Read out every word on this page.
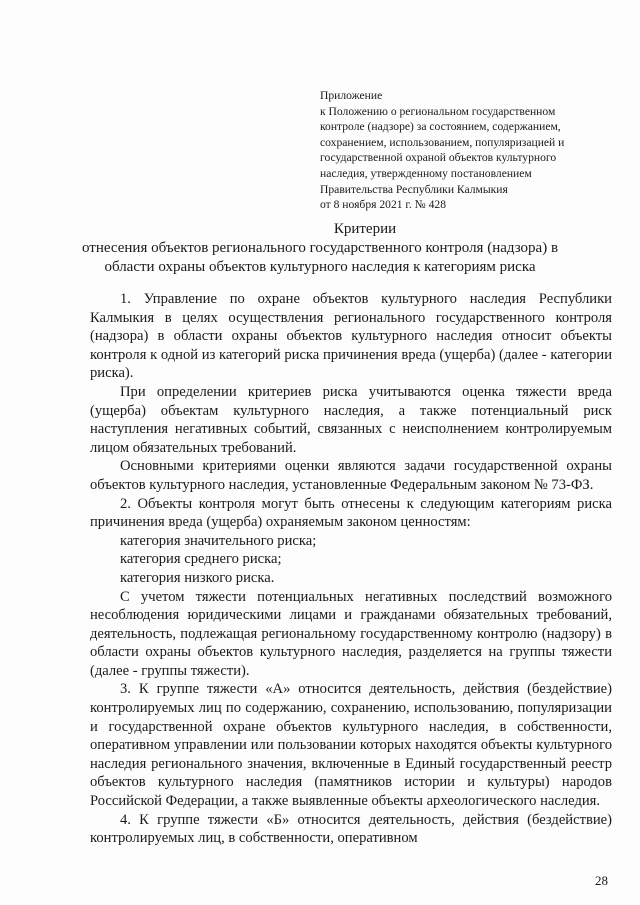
Приложение
к Положению о региональном государственном
контроле (надзоре) за состоянием, содержанием,
сохранением, использованием, популяризацией и
государственной охраной объектов культурного
наследия, утвержденному постановлением
Правительства Республики Калмыкия
от 8 ноября 2021 г. № 428
Критерии
отнесения объектов регионального государственного контроля (надзора) в
области охраны объектов культурного наследия к категориям риска

1. Управление по охране объектов культурного наследия Республики Калмыкия в целях осуществления регионального государственного контроля (надзора) в области охраны объектов культурного наследия относит объекты контроля к одной из категорий риска причинения вреда (ущерба) (далее - категории риска).

При определении критериев риска учитываются оценка тяжести вреда (ущерба) объектам культурного наследия, а также потенциальный риск наступления негативных событий, связанных с неисполнением контролируемым лицом обязательных требований.

Основными критериями оценки являются задачи государственной охраны объектов культурного наследия, установленные Федеральным законом № 73-ФЗ.

2. Объекты контроля могут быть отнесены к следующим категориям риска причинения вреда (ущерба) охраняемым законом ценностям:

категория значительного риска;

категория среднего риска;

категория низкого риска.

С учетом тяжести потенциальных негативных последствий возможного несоблюдения юридическими лицами и гражданами обязательных требований, деятельность, подлежащая региональному государственному контролю (надзору) в области охраны объектов культурного наследия, разделяется на группы тяжести (далее - группы тяжести).

3. К группе тяжести «А» относится деятельность, действия (бездействие) контролируемых лиц по содержанию, сохранению, использованию, популяризации и государственной охране объектов культурного наследия, в собственности, оперативном управлении или пользовании которых находятся объекты культурного наследия регионального значения, включенные в Единый государственный реестр объектов культурного наследия (памятников истории и культуры) народов Российской Федерации, а также выявленные объекты археологического наследия.

4. К группе тяжести «Б» относится деятельность, действия (бездействие) контролируемых лиц, в собственности, оперативном

28
